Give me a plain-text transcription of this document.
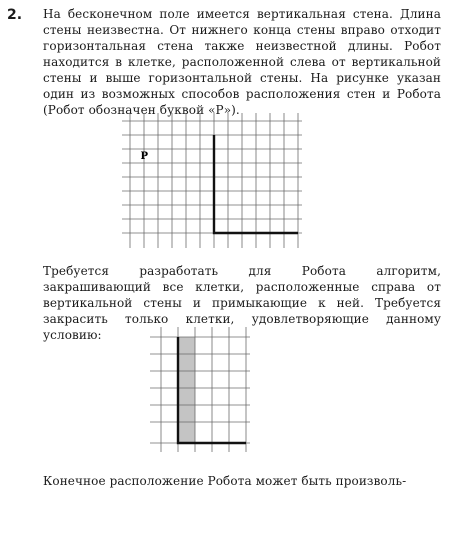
2. На бесконечном поле имеется вертикальная стена. Длина стены неизвестна. От нижнего конца стены вправо отходит горизонтальная стена также неизвестной длины. Робот находится в клетке, расположенной слева от вертикальной стены и выше горизонтальной стены. На рисунке указан один из возможных способов расположения стен и Робота (Робот обозначен буквой «Р»).
Р
Требуется разработать для Робота алгоритм, закрашивающий все клетки, расположенные справа от вертикальной стены и примыкающие к ней. Требуется закрасить только клетки, удовлетворяющие данному условию:
Конечное расположение Робота может быть произволь-
